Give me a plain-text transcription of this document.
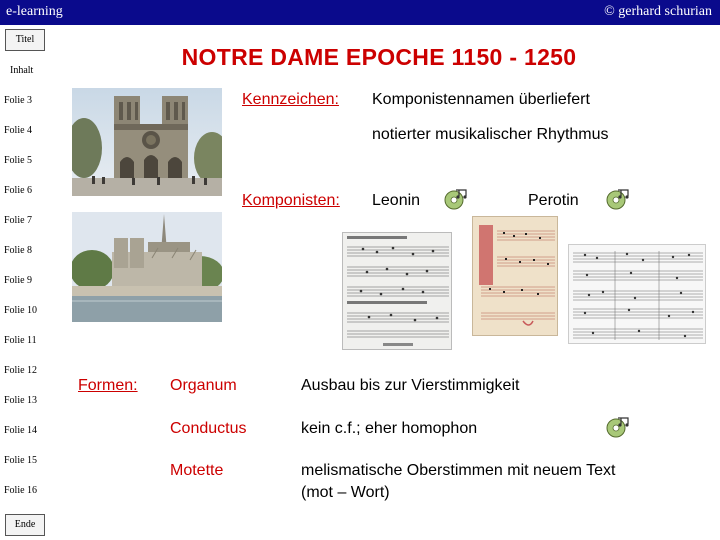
e-learning	© gerhard schurian
Titel
Inhalt
Folie 3
Folie 4
Folie 5
Folie 6
Folie 7
Folie 8
Folie 9
Folie 10
Folie 11
Folie 12
Folie 13
Folie 14
Folie 15
Folie 16
Ende
NOTRE DAME EPOCHE 1150 - 1250
Kennzeichen: Komponistennamen überliefert
notierter musikalischer Rhythmus
Komponisten: Leonin	Perotin
Formen: Organum	Ausbau bis zur Vierstimmigkeit
Conductus	kein c.f.; eher homophon
Motette	melismatische Oberstimmen mit neuem Text
(mot – Wort)
